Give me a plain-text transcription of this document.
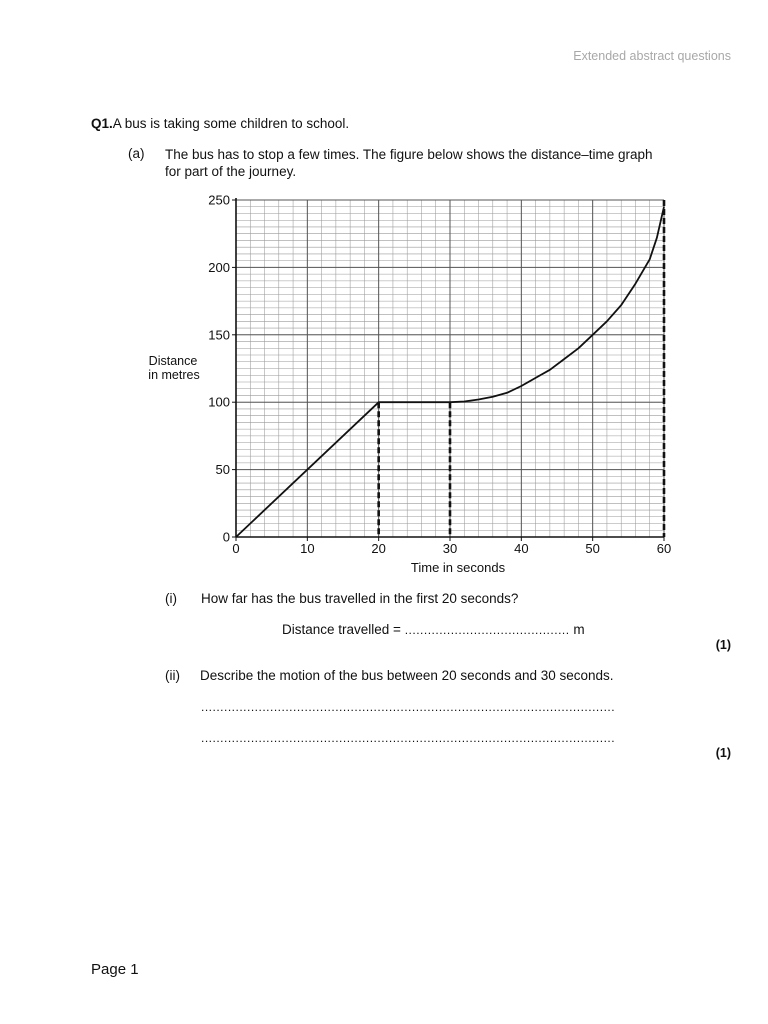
Extended abstract questions
Q1.A bus is taking some children to school.
(a) The bus has to stop a few times. The figure below shows the distance–time graph
for part of the journey.
0	10	20	30	40	50	60
0
50
100
150
200
250
Time in seconds
Distance
in metres
(i) How far has the bus travelled in the first 20 seconds?
Distance travelled = ........................................... m
(1)
(ii) Describe the motion of the bus between 20 seconds and 30 seconds.
............................................................................................................
............................................................................................................
(1)
Page 1
